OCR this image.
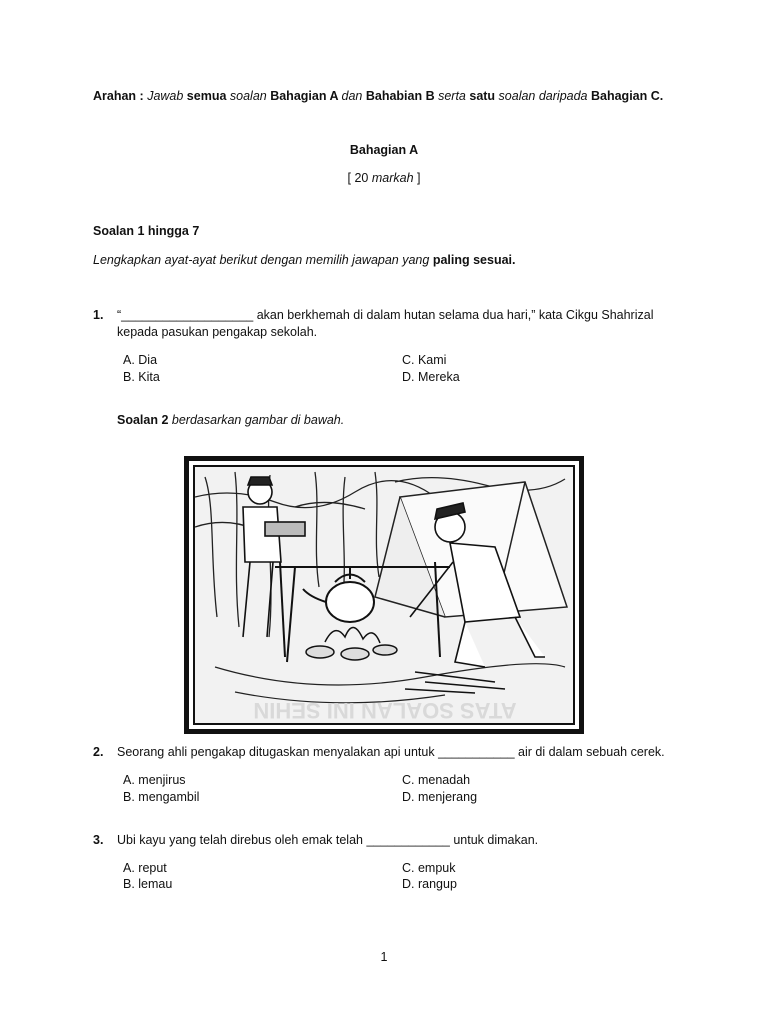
Arahan : Jawab semua soalan Bahagian A dan Bahabian B serta satu soalan daripada Bahagian C.
Bahagian A
[ 20 markah ]
Soalan 1 hingga 7
Lengkapkan ayat-ayat berikut dengan memilih jawapan yang paling sesuai.
1. “___________________ akan berkhemah di dalam hutan selama dua hari,” kata Cikgu Shahrizal
kepada pasukan pengakap sekolah.
A. Dia	C. Kami
B. Kita	D. Mereka
Soalan 2 berdasarkan gambar di bawah.
ATAS SOALAN INI SEHIN
2. Seorang ahli pengakap ditugaskan menyalakan api untuk ___________ air di dalam sebuah cerek.
A. menjirus	C. menadah
B. mengambil	D. menjerang
3. Ubi kayu yang telah direbus oleh emak telah ____________ untuk dimakan.
A. reput	C. empuk
B. lemau	D. rangup
1
